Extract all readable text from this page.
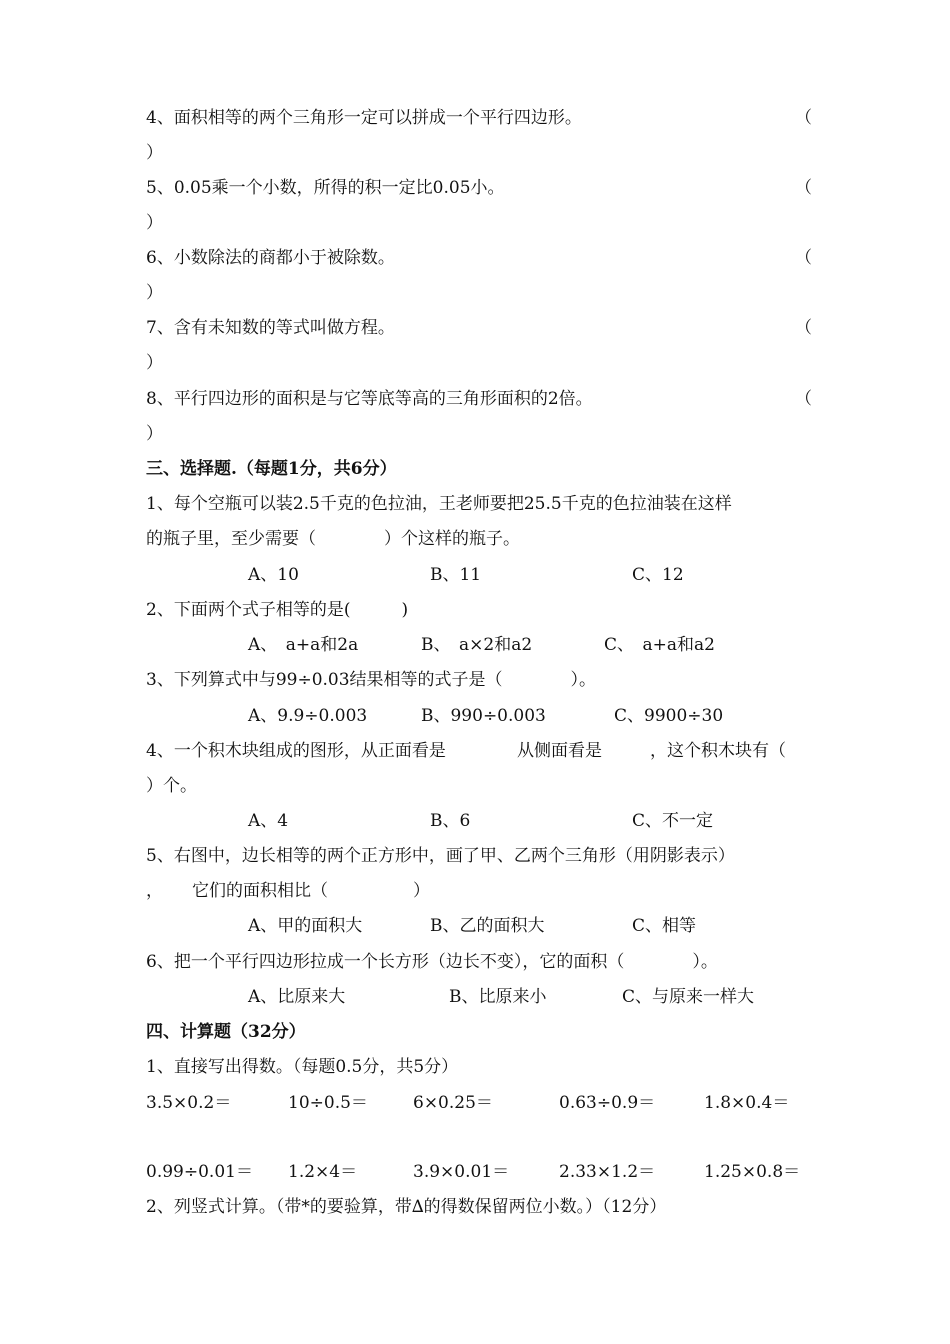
4、面积相等的两个三角形一定可以拼成一个平行四边形。	（
）
5、0.05乘一个小数，所得的积一定比0.05小。	（
）
6、小数除法的商都小于被除数。	（
）
7、含有未知数的等式叫做方程。	（
）
8、平行四边形的面积是与它等底等高的三角形面积的2倍。	（
）
三、选择题.（每题1分，共6分）
1、每个空瓶可以装2.5千克的色拉油，王老师要把25.5千克的色拉油装在这样
的瓶子里，至少需要（　　　　）个这样的瓶子。
A、10	B、11	C、12
2、下面两个式子相等的是(　　　)
A、　a+a和2a	B、　a×2和a2	C、　a+a和a2
3、下列算式中与99÷0.03结果相等的式子是（　　　　）。
A、9.9÷0.003	B、990÷0.003	C、9900÷30
4、一个积木块组成的图形，从正面看是	从侧面看是	，这个积木块有（
）个。
A、4	B、6	C、不一定
5、右图中，边长相等的两个正方形中，画了甲、乙两个三角形（用阴影表示）
， 它们的面积相比（　　　　　）
A、甲的面积大	B、乙的面积大	C、相等
6、把一个平行四边形拉成一个长方形（边长不变），它的面积（　　　　）。
A、比原来大	B、比原来小	C、与原来一样大
四、计算题（32分）
1、直接写出得数。（每题0.5分，共5分）
3.5×0.2＝	10÷0.5＝	6×0.25＝	0.63÷0.9＝	1.8×0.4＝
0.99÷0.01＝ 1.2×4＝	3.9×0.01＝	2.33×1.2＝	1.25×0.8＝
2、列竖式计算。（带*的要验算，带∆的得数保留两位小数。）（12分）
